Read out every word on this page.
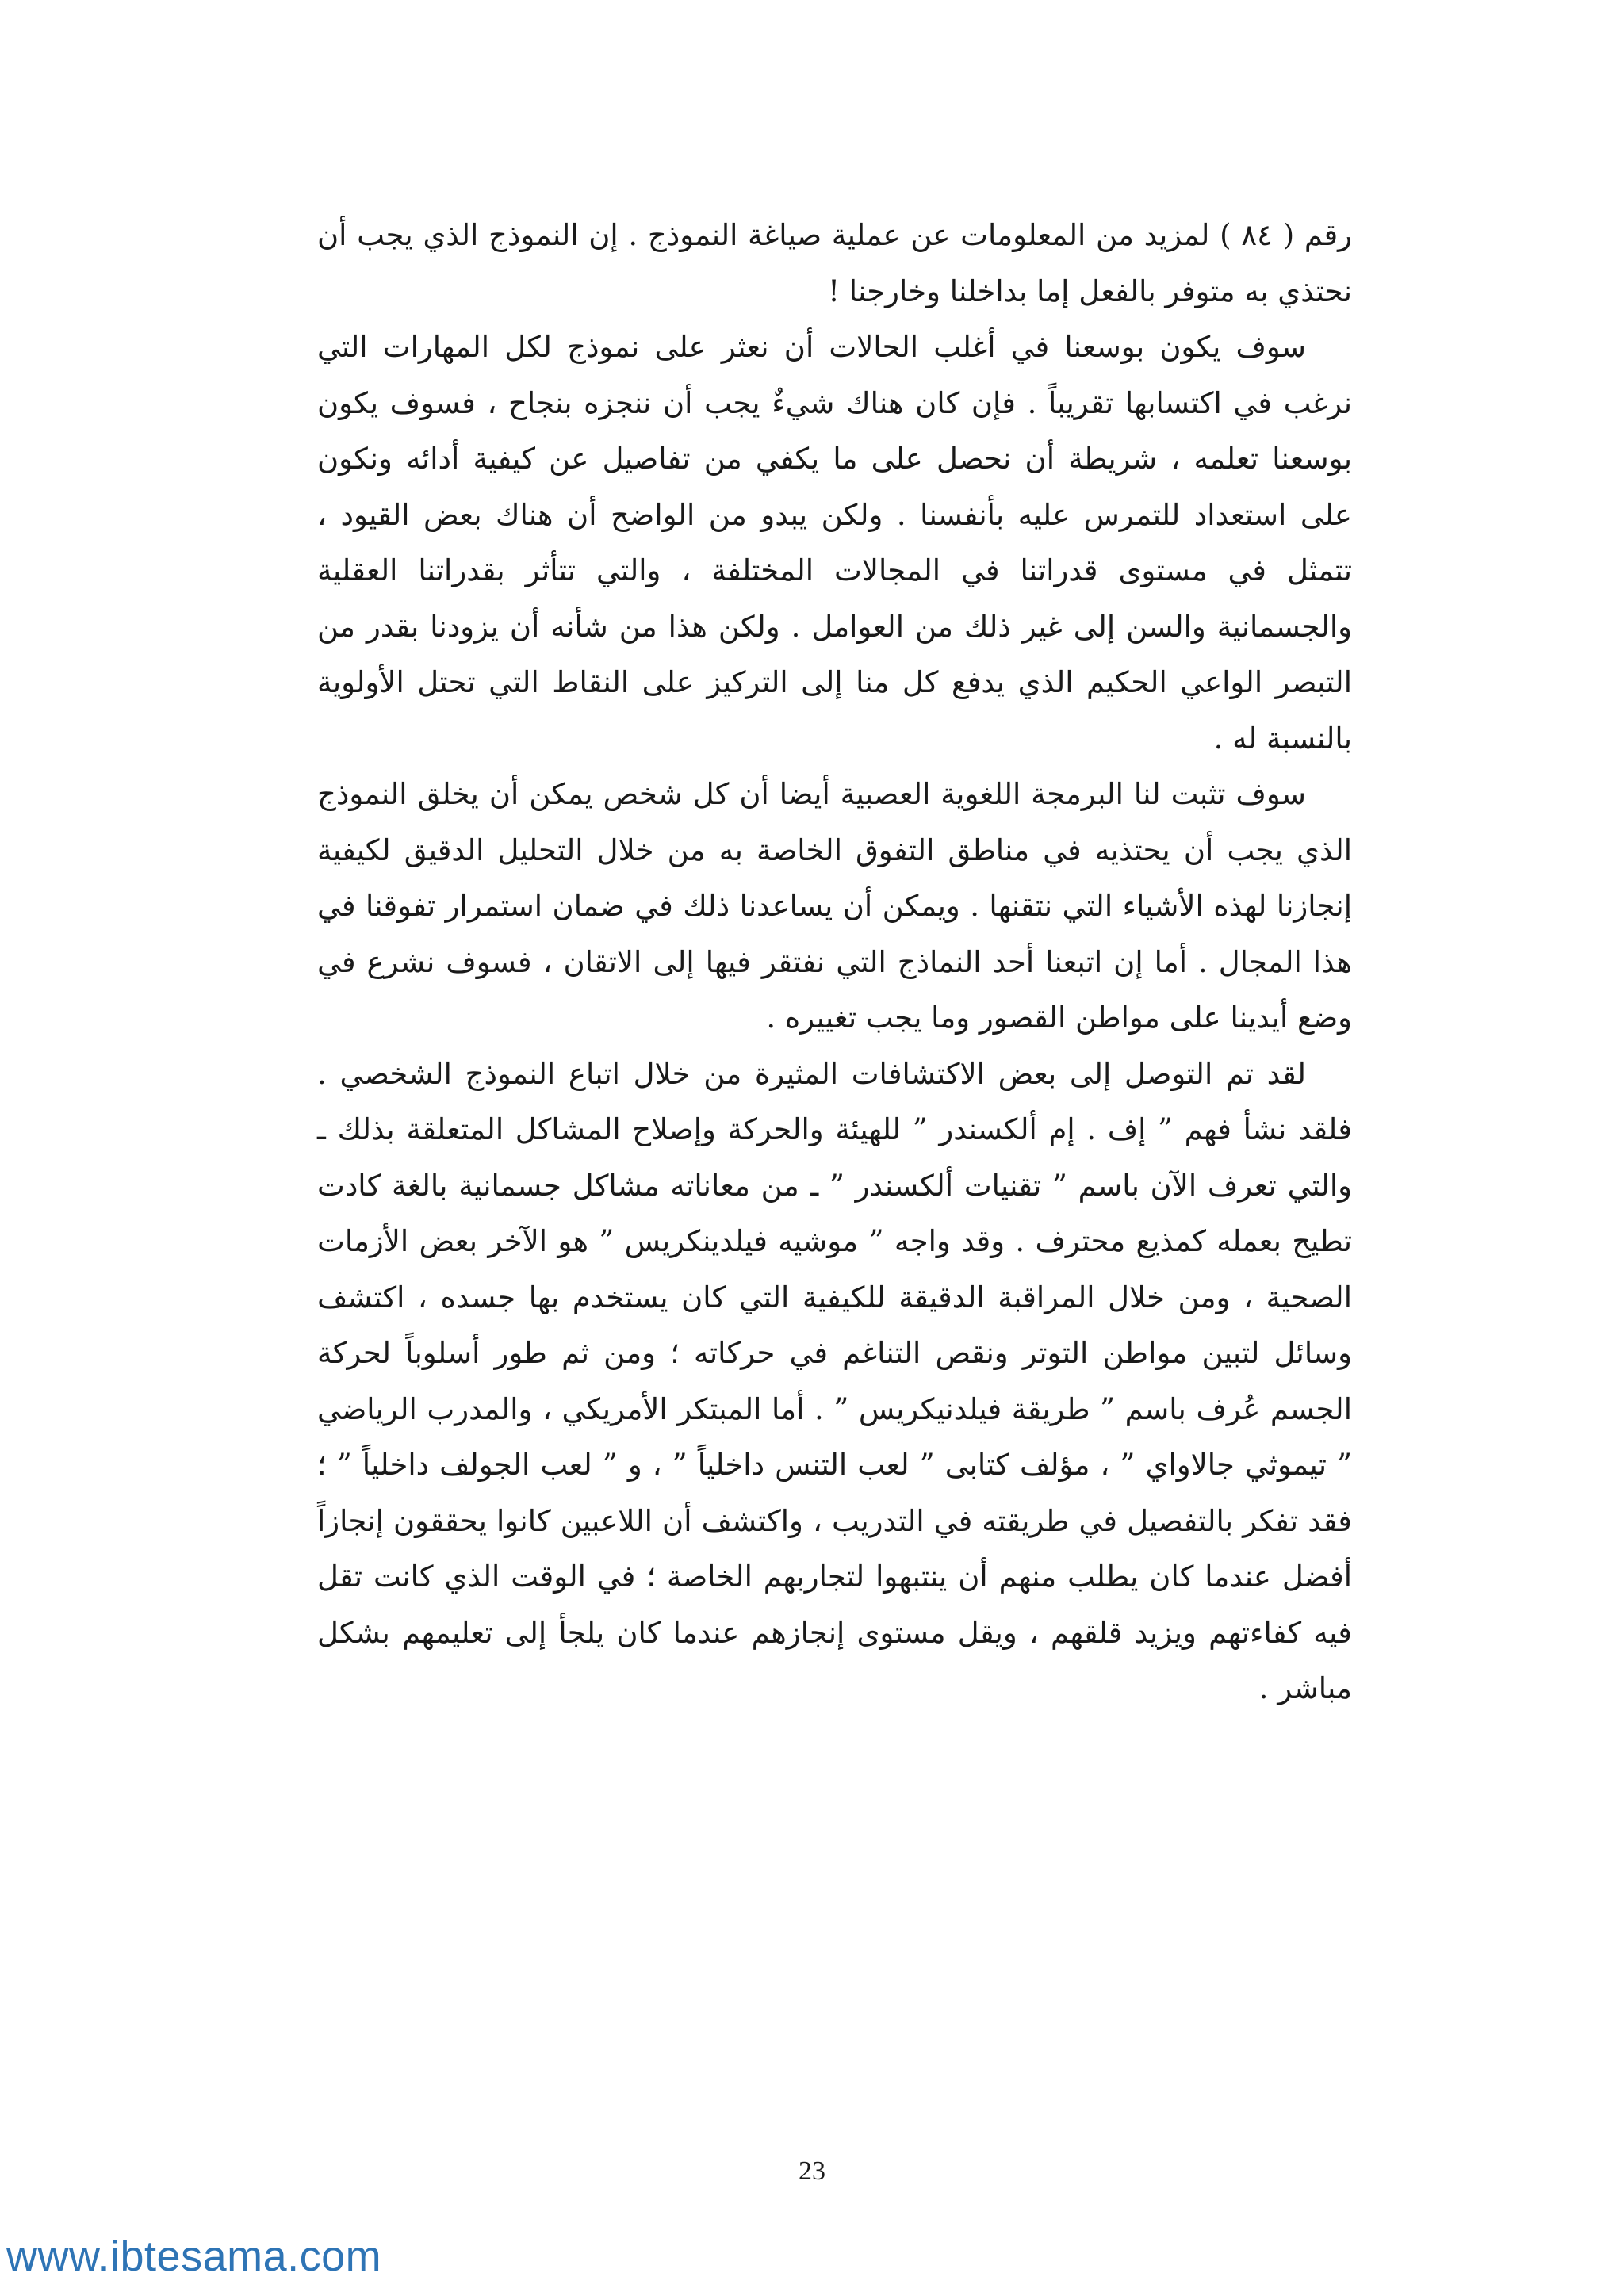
رقم ( ٨٤ ) لمزيد من المعلومات عن عملية صياغة النموذج . إن النموذج الذي يجب أن نحتذي به متوفر بالفعل إما بداخلنا وخارجنا !

سوف يكون بوسعنا في أغلب الحالات أن نعثر على نموذج لكل المهارات التي نرغب في اكتسابها تقريباً . فإن كان هناك شيءٌ يجب أن ننجزه بنجاح ، فسوف يكون بوسعنا تعلمه ، شريطة أن نحصل على ما يكفي من تفاصيل عن كيفية أدائه ونكون على استعداد للتمرس عليه بأنفسنا . ولكن يبدو من الواضح أن هناك بعض القيود ، تتمثل في مستوى قدراتنا في المجالات المختلفة ، والتي تتأثر بقدراتنا العقلية والجسمانية والسن إلى غير ذلك من العوامل . ولكن هذا من شأنه أن يزودنا بقدر من التبصر الواعي الحكيم الذي يدفع كل منا إلى التركيز على النقاط التي تحتل الأولوية بالنسبة له .

سوف تثبت لنا البرمجة اللغوية العصبية أيضا أن كل شخص يمكن أن يخلق النموذج الذي يجب أن يحتذيه في مناطق التفوق الخاصة به من خلال التحليل الدقيق لكيفية إنجازنا لهذه الأشياء التي نتقنها . ويمكن أن يساعدنا ذلك في ضمان استمرار تفوقنا في هذا المجال . أما إن اتبعنا أحد النماذج التي نفتقر فيها إلى الاتقان ، فسوف نشرع في وضع أيدينا على مواطن القصور وما يجب تغييره .

لقد تم التوصل إلى بعض الاكتشافات المثيرة من خلال اتباع النموذج الشخصي . فلقد نشأ فهم ” إف . إم ألكسندر ” للهيئة والحركة وإصلاح المشاكل المتعلقة بذلك ـ والتي تعرف الآن باسم ” تقنيات ألكسندر ” ـ من معاناته مشاكل جسمانية بالغة كادت تطيح بعمله كمذيع محترف . وقد واجه ” موشيه فيلدينكريس ” هو الآخر بعض الأزمات الصحية ، ومن خلال المراقبة الدقيقة للكيفية التي كان يستخدم بها جسده ، اكتشف وسائل لتبين مواطن التوتر ونقص التناغم في حركاته ؛ ومن ثم طور أسلوباً لحركة الجسم عُرف باسم ” طريقة فيلدنيكريس ” . أما المبتكر الأمريكي ، والمدرب الرياضي ” تيموثي جالاواي ” ، مؤلف كتابى ” لعب التنس داخلياً ” ، و ” لعب الجولف داخلياً ” ؛ فقد تفكر بالتفصيل في طريقته في التدريب ، واكتشف أن اللاعبين كانوا يحققون إنجازاً أفضل عندما كان يطلب منهم أن ينتبهوا لتجاربهم الخاصة ؛ في الوقت الذي كانت تقل فيه كفاءتهم ويزيد قلقهم ، ويقل مستوى إنجازهم عندما كان يلجأ إلى تعليمهم بشكل مباشر .

23
www.ibtesama.com
